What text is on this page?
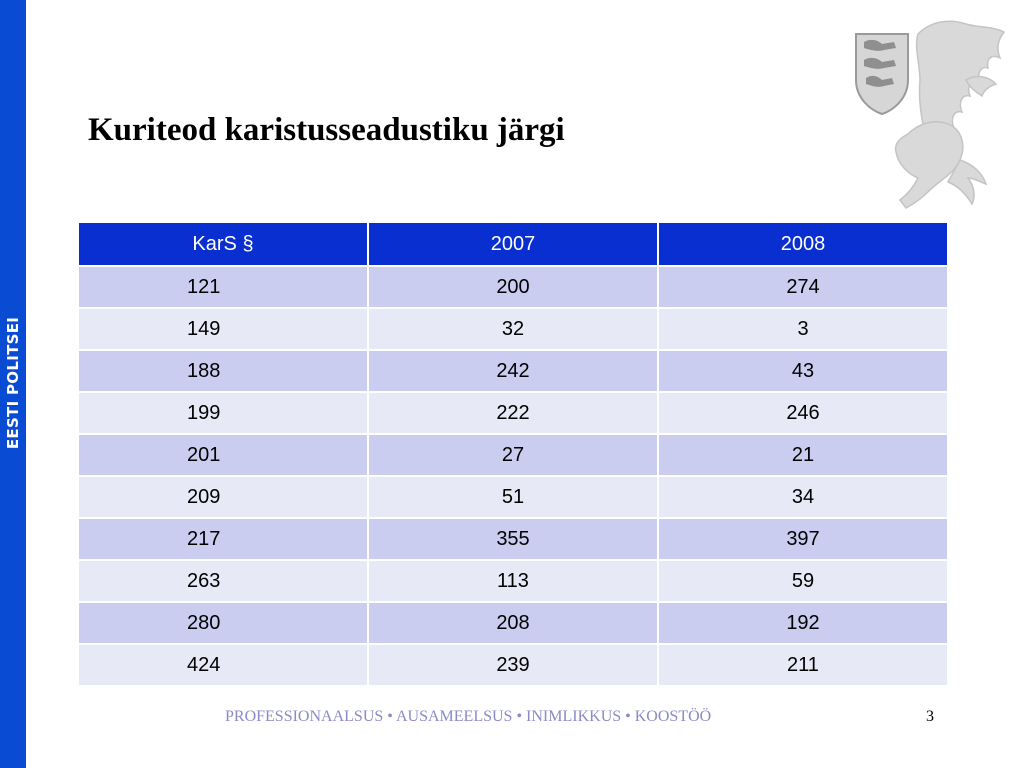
EESTI POLITSEI
Kuriteod karistusseadustiku järgi
KarS §	2007	2008
121	200	274
149	32	3
188	242	43
199	222	246
201	27	21
209	51	34
217	355	397
263	113	59
280	208	192
424	239	211
PROFESSIONAALSUS • AUSAMEELSUS • INIMLIKKUS • KOOSTÖÖ	3
